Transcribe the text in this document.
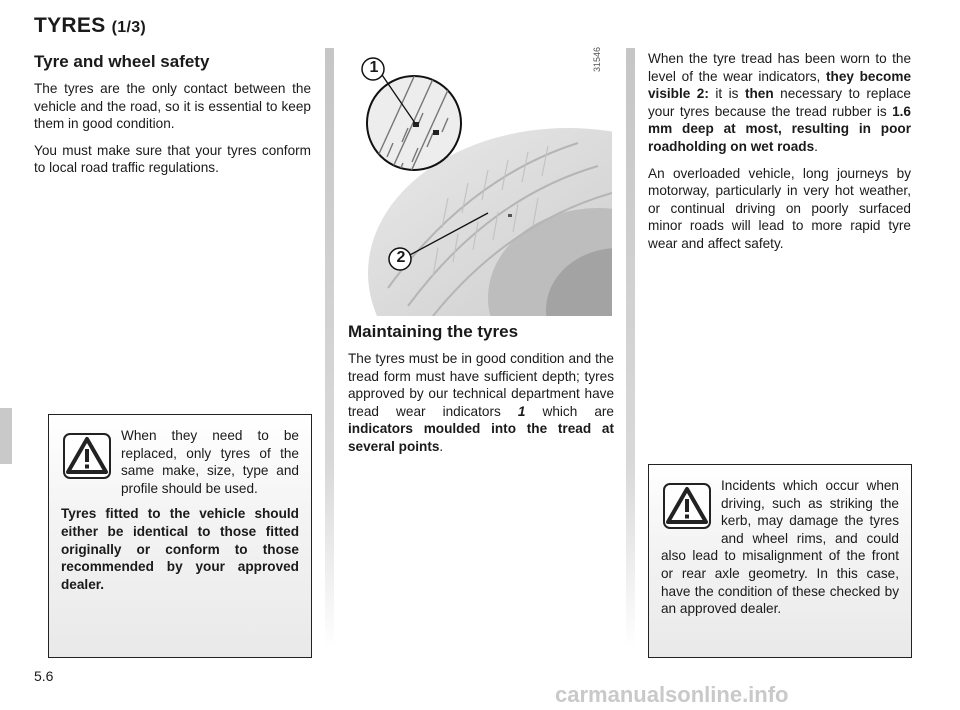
TYRES (1/3)
Tyre and wheel safety

The tyres are the only contact between the vehicle and the road, so it is essential to keep them in good condition.

You must make sure that your tyres conform to local road traffic regulations.

When they need to be replaced, only tyres of the same make, size, type and profile should be used.

Tyres fitted to the vehicle should either be identical to those fitted originally or conform to those recommended by your approved dealer.

1
2
31546
Maintaining the tyres

The tyres must be in good condition and the tread form must have sufficient depth; tyres approved by our technical department have tread wear indicators 1 which are indicators moulded into the tread at several points.

When the tyre tread has been worn to the level of the wear indicators, they become visible 2: it is then necessary to replace your tyres because the tread rubber is 1.6 mm deep at most, resulting in poor roadholding on wet roads.

An overloaded vehicle, long journeys by motorway, particularly in very hot weather, or continual driving on poorly surfaced minor roads will lead to more rapid tyre wear and affect safety.

Incidents which occur when driving, such as striking the kerb, may damage the tyres and wheel rims, and could also lead to misalignment of the front or rear axle geometry. In this case, have the condition of these checked by an approved dealer.

5.6
carmanualsonline.info
